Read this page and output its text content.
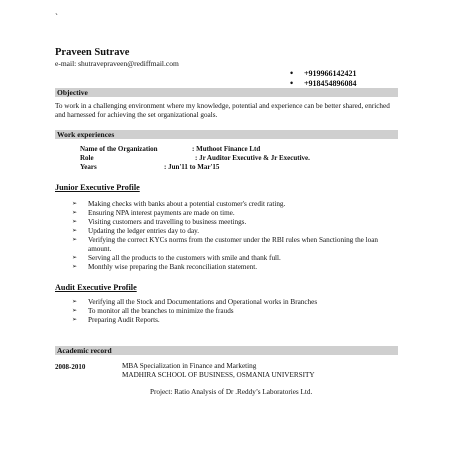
`
Praveen Sutrave
e-mail: shutravepraveen@rediffmail.com
• +919966142421
• +918454896084
Objective
To work in a challenging environment where my knowledge, potential and experience can be better shared, enriched and harnessed for achieving the set organizational goals.
Work experiences
Name of the Organization	: Muthoot Finance Ltd
Role	: Jr Auditor Executive & Jr Executive.
Years	: Jun'11 to Mar'15
Junior Executive Profile
➢ Making checks with banks about a potential customer's credit rating.
➢ Ensuring NPA interest payments are made on time.
➢ Visiting customers and travelling to business meetings.
➢ Updating the ledger entries day to day.
➢ Verifying the correct KYCs norms from the customer under the RBI rules when Sanctioning the loan amount.
➢ Serving all the products to the customers with smile and thank full.
➢ Monthly wise preparing the Bank reconciliation statement.
Audit Executive Profile
➢ Verifying all the Stock and Documentations and Operational works in Branches
➢ To monitor all the branches to minimize the frauds
➢ Preparing Audit Reports.
Academic record
2008-2010	MBA Specialization in Finance and Marketing
MADHIRA SCHOOL OF BUSINESS, OSMANIA UNIVERSITY
Project: Ratio Analysis of Dr .Reddy’s Laboratories Ltd.
